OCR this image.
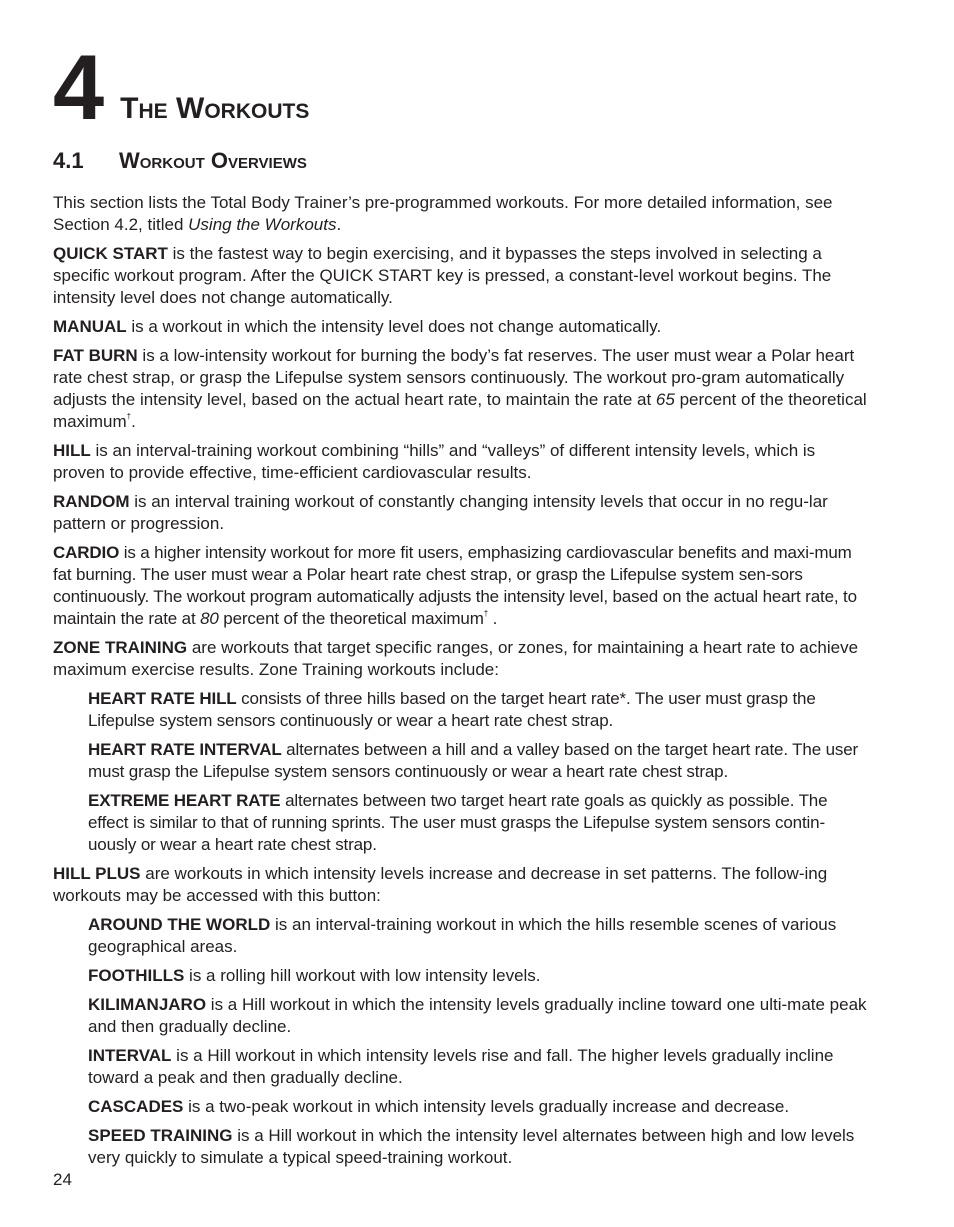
4 The Workouts
4.1	Workout Overviews

This section lists the Total Body Trainer’s pre-programmed workouts. For more detailed information, see Section 4.2, titled Using the Workouts.

QUICK START is the fastest way to begin exercising, and it bypasses the steps involved in selecting a specific workout program. After the QUICK START key is pressed, a constant-level workout begins. The intensity level does not change automatically.

MANUAL is a workout in which the intensity level does not change automatically.

FAT BURN is a low-intensity workout for burning the body’s fat reserves. The user must wear a Polar heart rate chest strap, or grasp the Lifepulse system sensors continuously. The workout pro-gram automatically adjusts the intensity level, based on the actual heart rate, to maintain the rate at 65 percent of the theoretical maximum†.

HILL is an interval-training workout combining “hills” and “valleys” of different intensity levels, which is proven to provide effective, time-efficient cardiovascular results.

RANDOM is an interval training workout of constantly changing intensity levels that occur in no regu-lar pattern or progression.

CARDIO is a higher intensity workout for more fit users, emphasizing cardiovascular benefits and maxi-mum fat burning. The user must wear a Polar heart rate chest strap, or grasp the Lifepulse system sen-sors continuously. The workout program automatically adjusts the intensity level, based on the actual heart rate, to maintain the rate at 80 percent of the theoretical maximum† .

ZONE TRAINING are workouts that target specific ranges, or zones, for maintaining a heart rate to achieve maximum exercise results. Zone Training workouts include:

HEART RATE HILL consists of three hills based on the target heart rate*. The user must grasp the Lifepulse system sensors continuously or wear a heart rate chest strap.

HEART RATE INTERVAL alternates between a hill and a valley based on the target heart rate. The user must grasp the Lifepulse system sensors continuously or wear a heart rate chest strap.

EXTREME HEART RATE alternates between two target heart rate goals as quickly as possible. The effect is similar to that of running sprints. The user must grasps the Lifepulse system sensors contin-uously or wear a heart rate chest strap.

HILL PLUS are workouts in which intensity levels increase and decrease in set patterns. The follow-ing workouts may be accessed with this button:

AROUND THE WORLD is an interval-training workout in which the hills resemble scenes of various geographical areas.

FOOTHILLS is a rolling hill workout with low intensity levels.

KILIMANJARO is a Hill workout in which the intensity levels gradually incline toward one ulti-mate peak and then gradually decline.

INTERVAL is a Hill workout in which intensity levels rise and fall. The higher levels gradually incline toward a peak and then gradually decline.

CASCADES is a two-peak workout in which intensity levels gradually increase and decrease.

SPEED TRAINING is a Hill workout in which the intensity level alternates between high and low levels very quickly to simulate a typical speed-training workout.

24
